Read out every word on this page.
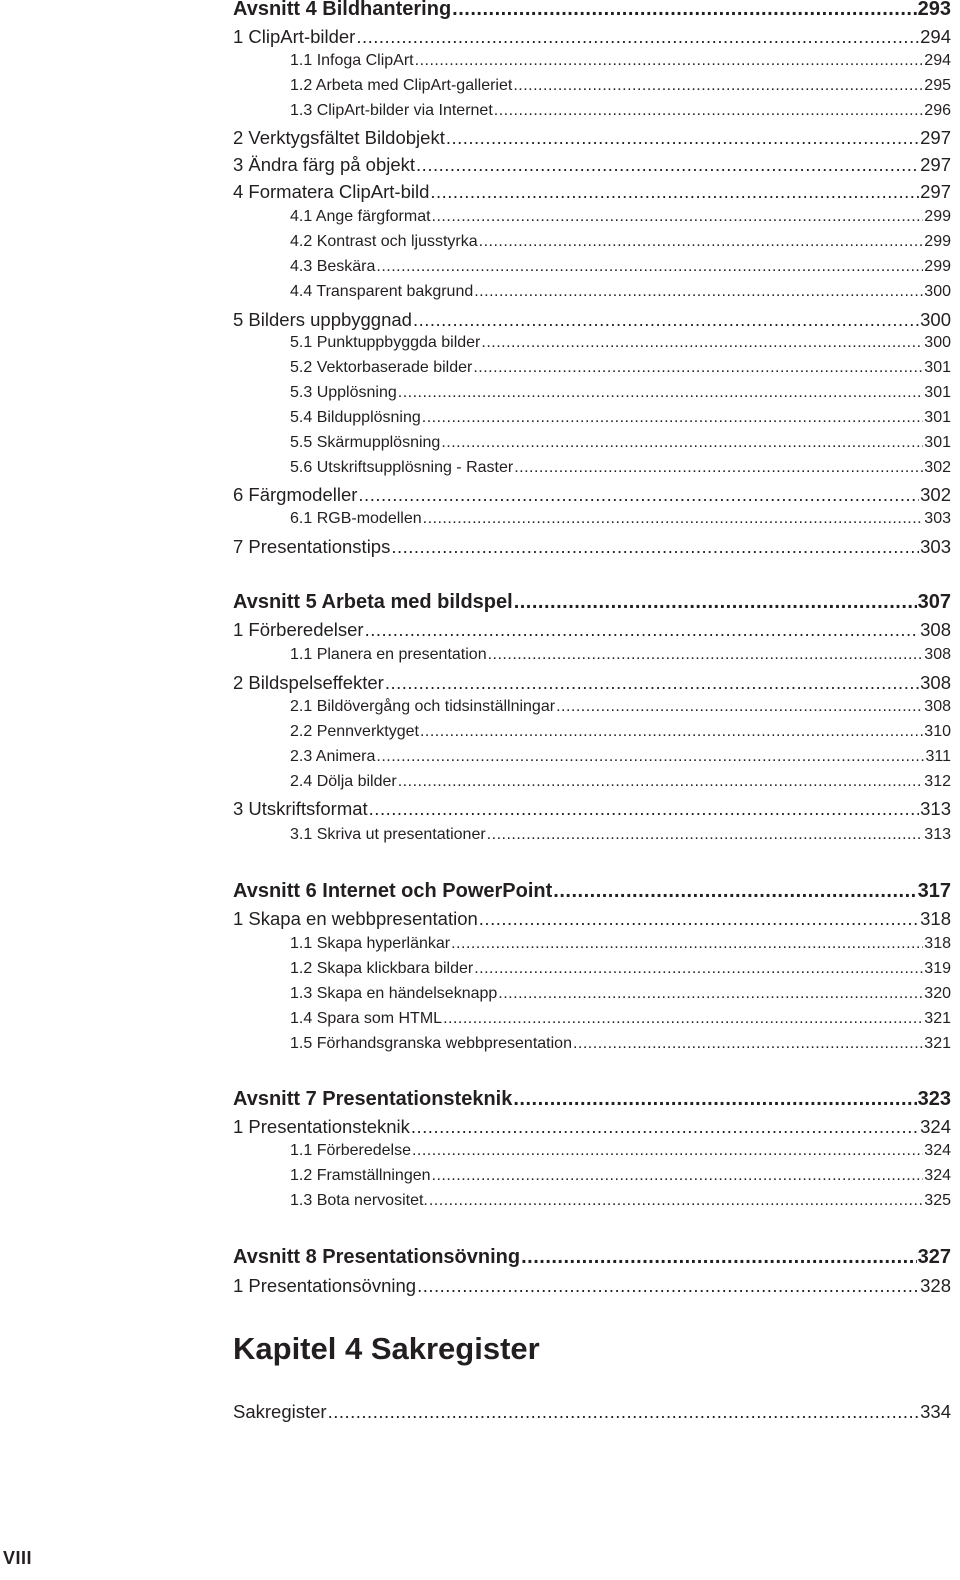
Avsnitt 4 Bildhantering .....	293
1 ClipArt-bilder .....	294
1.1 Infoga ClipArt .....	294
1.2 Arbeta med ClipArt-galleriet .....	295
1.3 ClipArt-bilder via Internet .....	296
2 Verktygsfältet Bildobjekt .....	297
3 Ändra färg på objekt .....	297
4 Formatera ClipArt-bild .....	297
4.1 Ange färgformat .....	299
4.2 Kontrast och ljusstyrka .....	299
4.3 Beskära .....	299
4.4 Transparent bakgrund .....	300
5 Bilders uppbyggnad .....	300
5.1 Punktuppbyggda bilder .....	300
5.2 Vektorbaserade bilder .....	301
5.3 Upplösning .....	301
5.4 Bildupplösning .....	301
5.5 Skärmupplösning .....	301
5.6 Utskriftsupplösning - Raster .....	302
6 Färgmodeller .....	302
6.1 RGB-modellen .....	303
7 Presentationstips .....	303
Avsnitt 5 Arbeta med bildspel .....	307
1 Förberedelser .....	308
1.1 Planera en presentation .....	308
2 Bildspelseffekter .....	308
2.1 Bildövergång och tidsinställningar .....	308
2.2 Pennverktyget .....	310
2.3 Animera .....	311
2.4 Dölja bilder .....	312
3 Utskriftsformat .....	313
3.1 Skriva ut presentationer .....	313
Avsnitt 6 Internet och PowerPoint .....	317
1 Skapa en webbpresentation .....	318
1.1 Skapa hyperlänkar .....	318
1.2 Skapa klickbara bilder .....	319
1.3 Skapa en händelseknapp .....	320
1.4 Spara som HTML .....	321
1.5 Förhandsgranska webbpresentation .....	321
Avsnitt 7 Presentationsteknik .....	323
1 Presentationsteknik .....	324
1.1 Förberedelse .....	324
1.2 Framställningen .....	324
1.3 Bota nervositet. .....	325
Avsnitt 8 Presentationsövning .....	327
1 Presentationsövning .....	328
Sakregister .....	334
Kapitel 4 Sakregister
VIII
